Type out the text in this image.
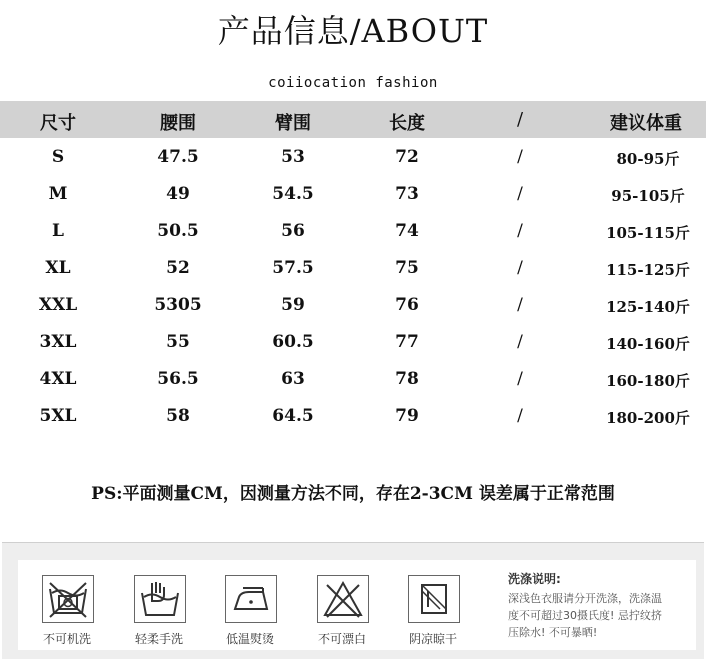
产品信息/ABOUT
coiiocation fashion
尺寸	腰围	臂围	长度	/	建议体重
S	47.5	53	72	/	80-95斤
M	49	54.5	73	/	95-105斤
L	50.5	56	74	/	105-115斤
XL	52	57.5	75	/	115-125斤
XXL	5305	59	76	/	125-140斤
3XL	55	60.5	77	/	140-160斤
4XL	56.5	63	78	/	160-180斤
5XL	58	64.5	79	/	180-200斤
PS:平面测量CM，因测量方法不同，存在2-3CM 误差属于正常范围
不可机洗	轻柔手洗	低温熨烫	不可漂白	阴凉晾干
洗涤说明:
深浅色衣服请分开洗涤，洗涤温
度不可超过30摄氏度! 忌拧纹挤
压除水! 不可暴晒!
